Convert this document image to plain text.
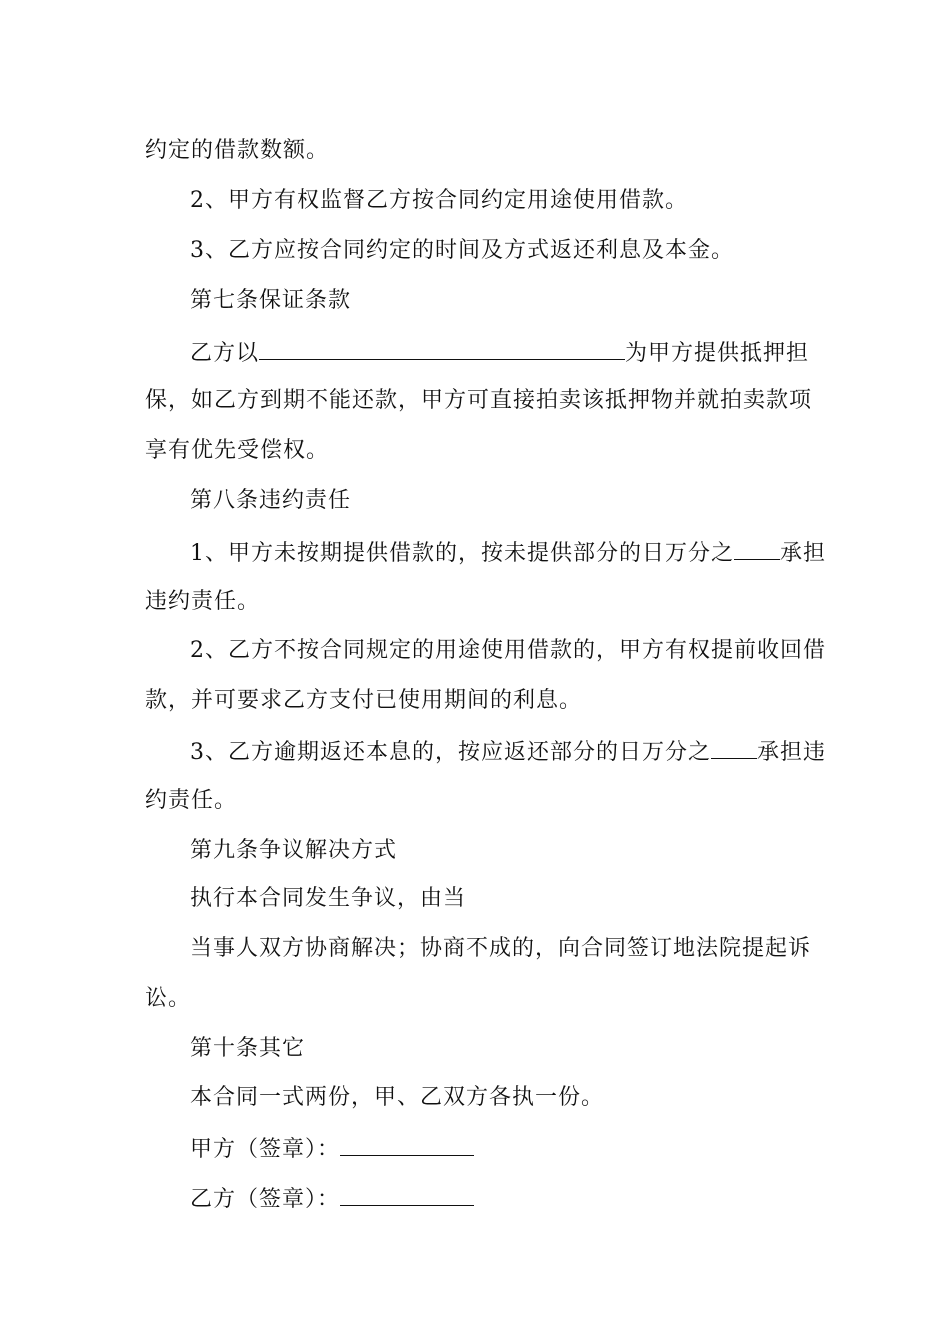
约定的借款数额。
2、甲方有权监督乙方按合同约定用途使用借款。
3、乙方应按合同约定的时间及方式返还利息及本金。
第七条保证条款
乙方以	为甲方提供抵押担
保，如乙方到期不能还款，甲方可直接拍卖该抵押物并就拍卖款项
享有优先受偿权。
第八条违约责任
1、甲方未按期提供借款的，按未提供部分的日万分之 承担
违约责任。
2、乙方不按合同规定的用途使用借款的，甲方有权提前收回借
款，并可要求乙方支付已使用期间的利息。
3、乙方逾期返还本息的，按应返还部分的日万分之 承担违
约责任。
第九条争议解决方式
执行本合同发生争议，由当
当事人双方协商解决；协商不成的，向合同签订地法院提起诉
讼。
第十条其它
本合同一式两份，甲、乙双方各执一份。
甲方（签章）：
乙方（签章）：
